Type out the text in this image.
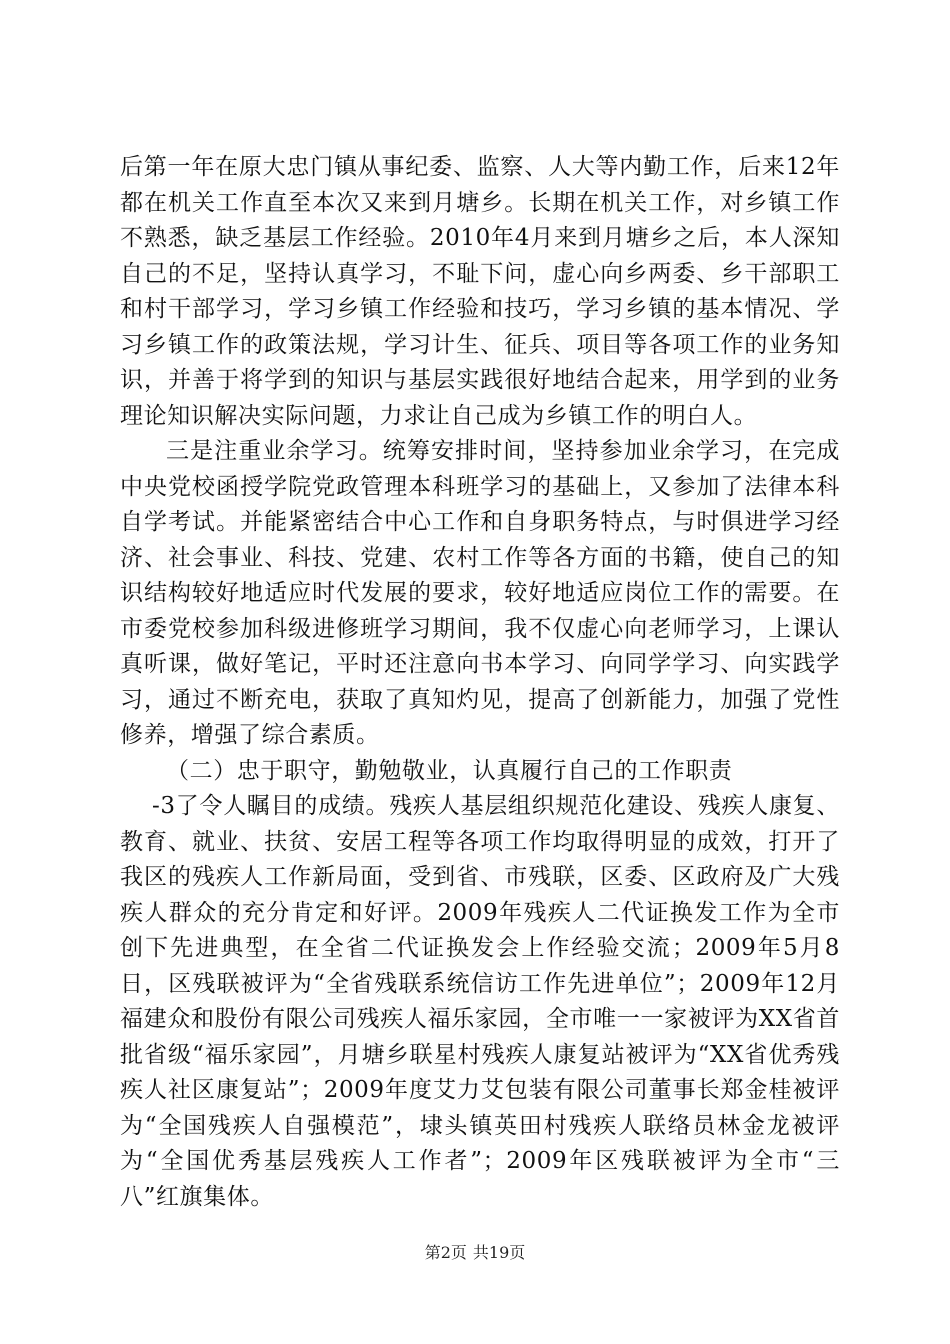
后第一年在原大忠门镇从事纪委、监察、人大等内勤工作，后来12年都在机关工作直至本次又来到月塘乡。长期在机关工作，对乡镇工作不熟悉，缺乏基层工作经验。2010年4月来到月塘乡之后，本人深知自己的不足，坚持认真学习，不耻下问，虚心向乡两委、乡干部职工和村干部学习，学习乡镇工作经验和技巧，学习乡镇的基本情况、学习乡镇工作的政策法规，学习计生、征兵、项目等各项工作的业务知识，并善于将学到的知识与基层实践很好地结合起来，用学到的业务理论知识解决实际问题，力求让自己成为乡镇工作的明白人。

三是注重业余学习。统筹安排时间，坚持参加业余学习，在完成中央党校函授学院党政管理本科班学习的基础上，又参加了法律本科自学考试。并能紧密结合中心工作和自身职务特点，与时俱进学习经济、社会事业、科技、党建、农村工作等各方面的书籍，使自己的知识结构较好地适应时代发展的要求，较好地适应岗位工作的需要。在市委党校参加科级进修班学习期间，我不仅虚心向老师学习，上课认真听课，做好笔记，平时还注意向书本学习、向同学学习、向实践学习，通过不断充电，获取了真知灼见，提高了创新能力，加强了党性修养，增强了综合素质。

（二）忠于职守，勤勉敬业，认真履行自己的工作职责

-3了令人瞩目的成绩。残疾人基层组织规范化建设、残疾人康复、教育、就业、扶贫、安居工程等各项工作均取得明显的成效，打开了我区的残疾人工作新局面，受到省、市残联，区委、区政府及广大残疾人群众的充分肯定和好评。2009年残疾人二代证换发工作为全市创下先进典型，在全省二代证换发会上作经验交流；2009年5月8日，区残联被评为“全省残联系统信访工作先进单位”；2009年12月福建众和股份有限公司残疾人福乐家园，全市唯一一家被评为XX省首批省级“福乐家园”，月塘乡联星村残疾人康复站被评为“XX省优秀残疾人社区康复站”；2009年度艾力艾包装有限公司董事长郑金桂被评为“全国残疾人自强模范”，埭头镇英田村残疾人联络员林金龙被评为“全国优秀基层残疾人工作者”；2009年区残联被评为全市“三八”红旗集体。

第2页 共19页
